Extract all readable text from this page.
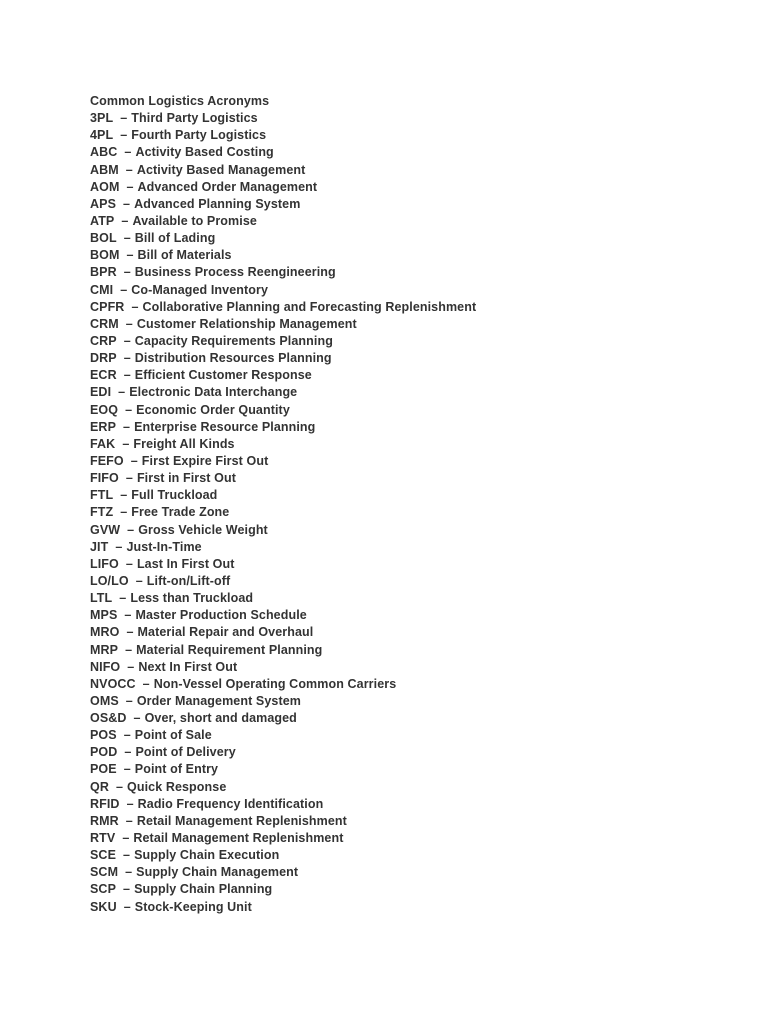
Common Logistics Acronyms
3PL – Third Party Logistics
4PL – Fourth Party Logistics
ABC – Activity Based Costing
ABM – Activity Based Management
AOM – Advanced Order Management
APS – Advanced Planning System
ATP – Available to Promise
BOL – Bill of Lading
BOM – Bill of Materials
BPR – Business Process Reengineering
CMI – Co-Managed Inventory
CPFR – Collaborative Planning and Forecasting Replenishment
CRM – Customer Relationship Management
CRP – Capacity Requirements Planning
DRP – Distribution Resources Planning
ECR – Efficient Customer Response
EDI – Electronic Data Interchange
EOQ – Economic Order Quantity
ERP – Enterprise Resource Planning
FAK – Freight All Kinds
FEFO – First Expire First Out
FIFO – First in First Out
FTL – Full Truckload
FTZ – Free Trade Zone
GVW – Gross Vehicle Weight
JIT – Just-In-Time
LIFO – Last In First Out
LO/LO – Lift-on/Lift-off
LTL – Less than Truckload
MPS – Master Production Schedule
MRO – Material Repair and Overhaul
MRP – Material Requirement Planning
NIFO – Next In First Out
NVOCC – Non-Vessel Operating Common Carriers
OMS – Order Management System
OS&D – Over, short and damaged
POS – Point of Sale
POD – Point of Delivery
POE – Point of Entry
QR – Quick Response
RFID – Radio Frequency Identification
RMR – Retail Management Replenishment
RTV – Retail Management Replenishment
SCE – Supply Chain Execution
SCM – Supply Chain Management
SCP – Supply Chain Planning
SKU – Stock-Keeping Unit
